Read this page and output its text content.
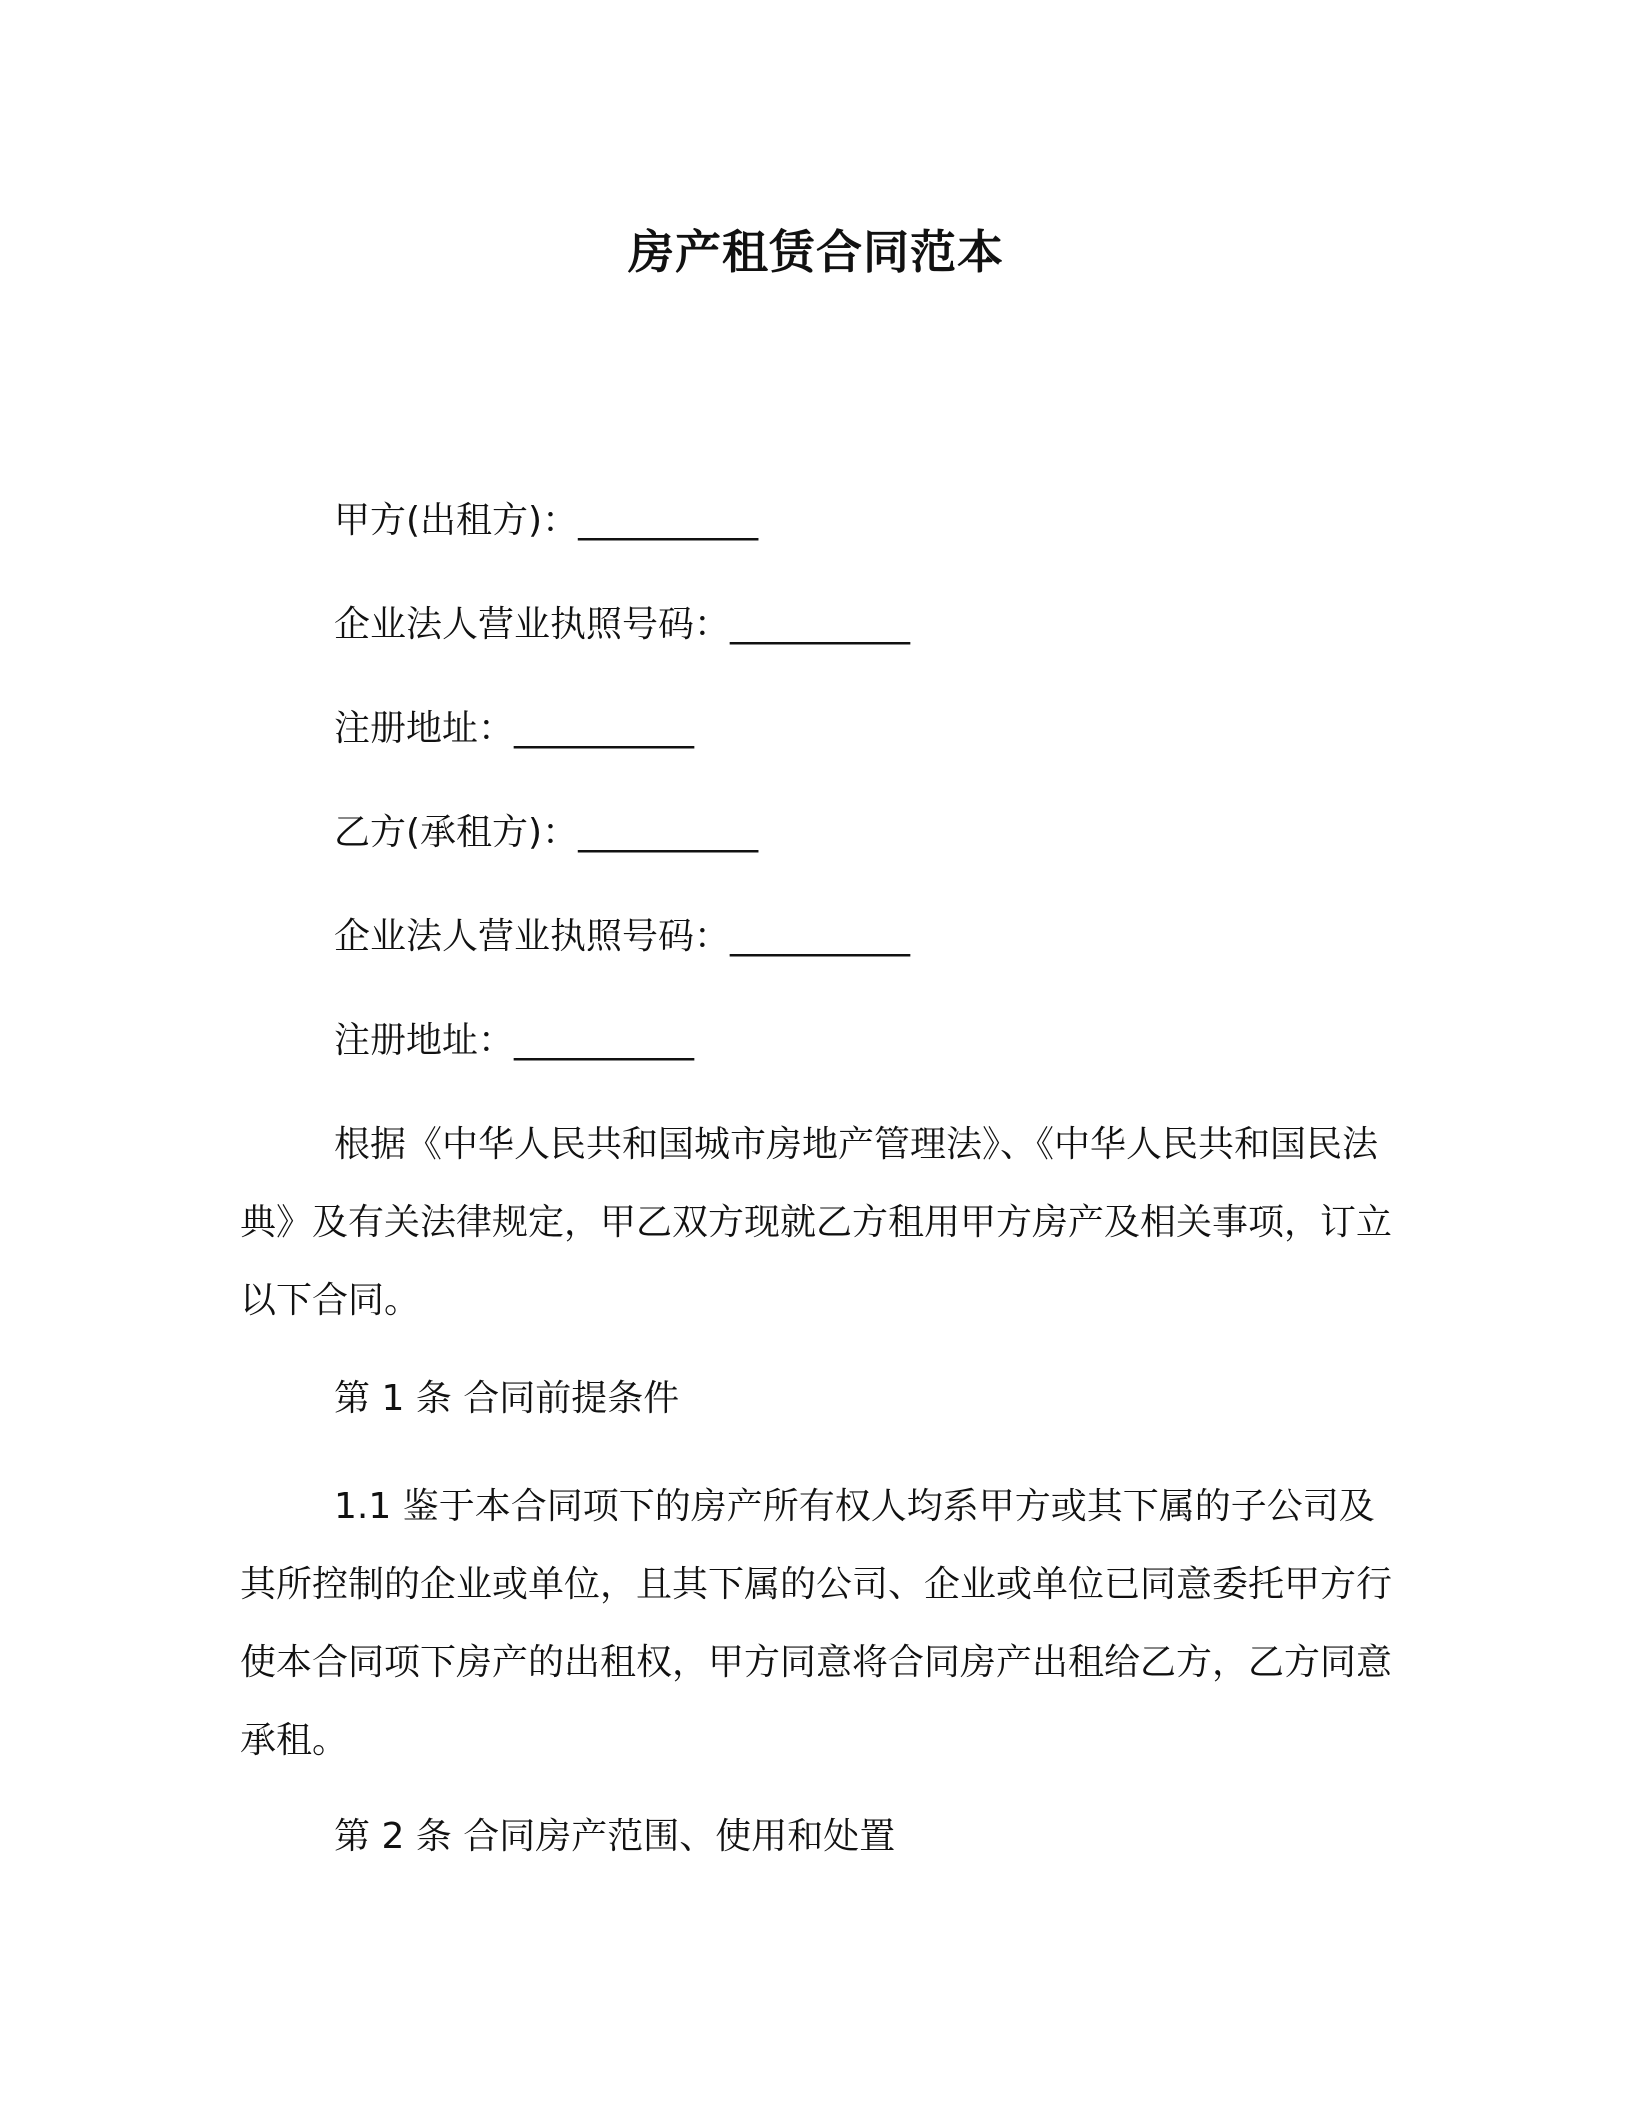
房产租赁合同范本
甲方(出租方)：__________
企业法人营业执照号码：__________
注册地址：__________
乙方(承租方)：__________
企业法人营业执照号码：__________
注册地址：__________

根据《中华人民共和国城市房地产管理法》、《中华人民共和国民法典》及有关法律规定，甲乙双方现就乙方租用甲方房产及相关事项，订立以下合同。

第 1 条 合同前提条件

1.1 鉴于本合同项下的房产所有权人均系甲方或其下属的子公司及其所控制的企业或单位，且其下属的公司、企业或单位已同意委托甲方行使本合同项下房产的出租权，甲方同意将合同房产出租给乙方，乙方同意承租。

第 2 条 合同房产范围、使用和处置
